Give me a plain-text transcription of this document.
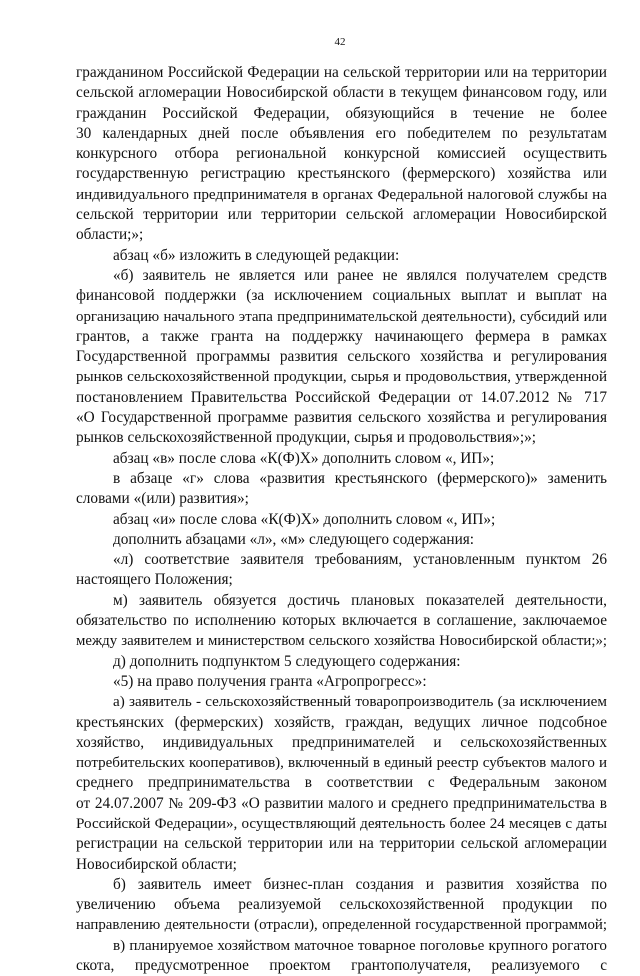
42
гражданином Российской Федерации на сельской территории или на территории
сельской агломерации Новосибирской области в текущем финансовом году, или
гражданин Российской Федерации, обязующийся в течение не более
30 календарных дней после объявления его победителем по результатам
конкурсного отбора региональной конкурсной комиссией осуществить
государственную регистрацию крестьянского (фермерского) хозяйства или
индивидуального предпринимателя в органах Федеральной налоговой службы на
сельской территории или территории сельской агломерации Новосибирской
области;»;
абзац «б» изложить в следующей редакции:
«б) заявитель не является или ранее не являлся получателем средств
финансовой поддержки (за исключением социальных выплат и выплат на
организацию начального этапа предпринимательской деятельности), субсидий или
грантов, а также гранта на поддержку начинающего фермера в рамках
Государственной программы развития сельского хозяйства и регулирования
рынков сельскохозяйственной продукции, сырья и продовольствия, утвержденной
постановлением Правительства Российской Федерации от 14.07.2012 № 717
«О Государственной программе развития сельского хозяйства и регулирования
рынков сельскохозяйственной продукции, сырья и продовольствия»;»;
абзац «в» после слова «К(Ф)Х» дополнить словом «, ИП»;
в абзаце «г» слова «развития крестьянского (фермерского)» заменить
словами «(или) развития»;
абзац «и» после слова «К(Ф)Х» дополнить словом «, ИП»;
дополнить абзацами «л», «м» следующего содержания:
«л) соответствие заявителя требованиям, установленным пунктом 26
настоящего Положения;
м) заявитель обязуется достичь плановых показателей деятельности,
обязательство по исполнению которых включается в соглашение, заключаемое
между заявителем и министерством сельского хозяйства Новосибирской области;»;
д) дополнить подпунктом 5 следующего содержания:
«5) на право получения гранта «Агропрогресс»:
а) заявитель - сельскохозяйственный товаропроизводитель (за исключением
крестьянских (фермерских) хозяйств, граждан, ведущих личное подсобное
хозяйство, индивидуальных предпринимателей и сельскохозяйственных
потребительских кооперативов), включенный в единый реестр субъектов малого и
среднего предпринимательства в соответствии с Федеральным законом
от 24.07.2007 № 209-ФЗ «О развитии малого и среднего предпринимательства в
Российской Федерации», осуществляющий деятельность более 24 месяцев с даты
регистрации на сельской территории или на территории сельской агломерации
Новосибирской области;
б) заявитель имеет бизнес-план создания и развития хозяйства по
увеличению объема реализуемой сельскохозяйственной продукции по
направлению деятельности (отрасли), определенной государственной программой;
в) планируемое хозяйством маточное товарное поголовье крупного рогатого
скота, предусмотренное проектом грантополучателя, реализуемого с
